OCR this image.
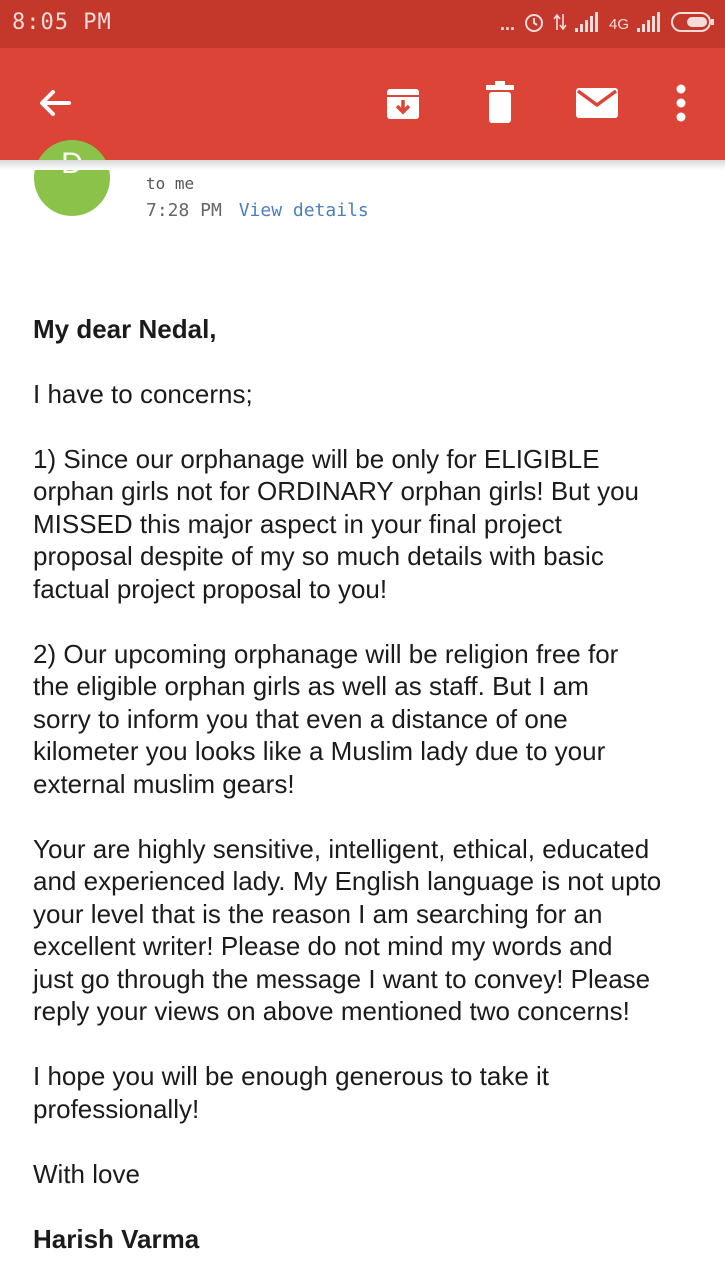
8:05 PM	...	4G
to me
7:28 PM View details

My dear Nedal,

I have to concerns;

1) Since our orphanage will be only for ELIGIBLE
orphan girls not for ORDINARY orphan girls! But you
MISSED this major aspect in your final project
proposal despite of my so much details with basic
factual project proposal to you!

2) Our upcoming orphanage will be religion free for
the eligible orphan girls as well as staff. But I am
sorry to inform you that even a distance of one
kilometer you looks like a Muslim lady due to your
external muslim gears!

Your are highly sensitive, intelligent, ethical, educated
and experienced lady. My English language is not upto
your level that is the reason I am searching for an
excellent writer! Please do not mind my words and
just go through the message I want to convey! Please
reply your views on above mentioned two concerns!

I hope you will be enough generous to take it
professionally!

With love

Harish Varma
